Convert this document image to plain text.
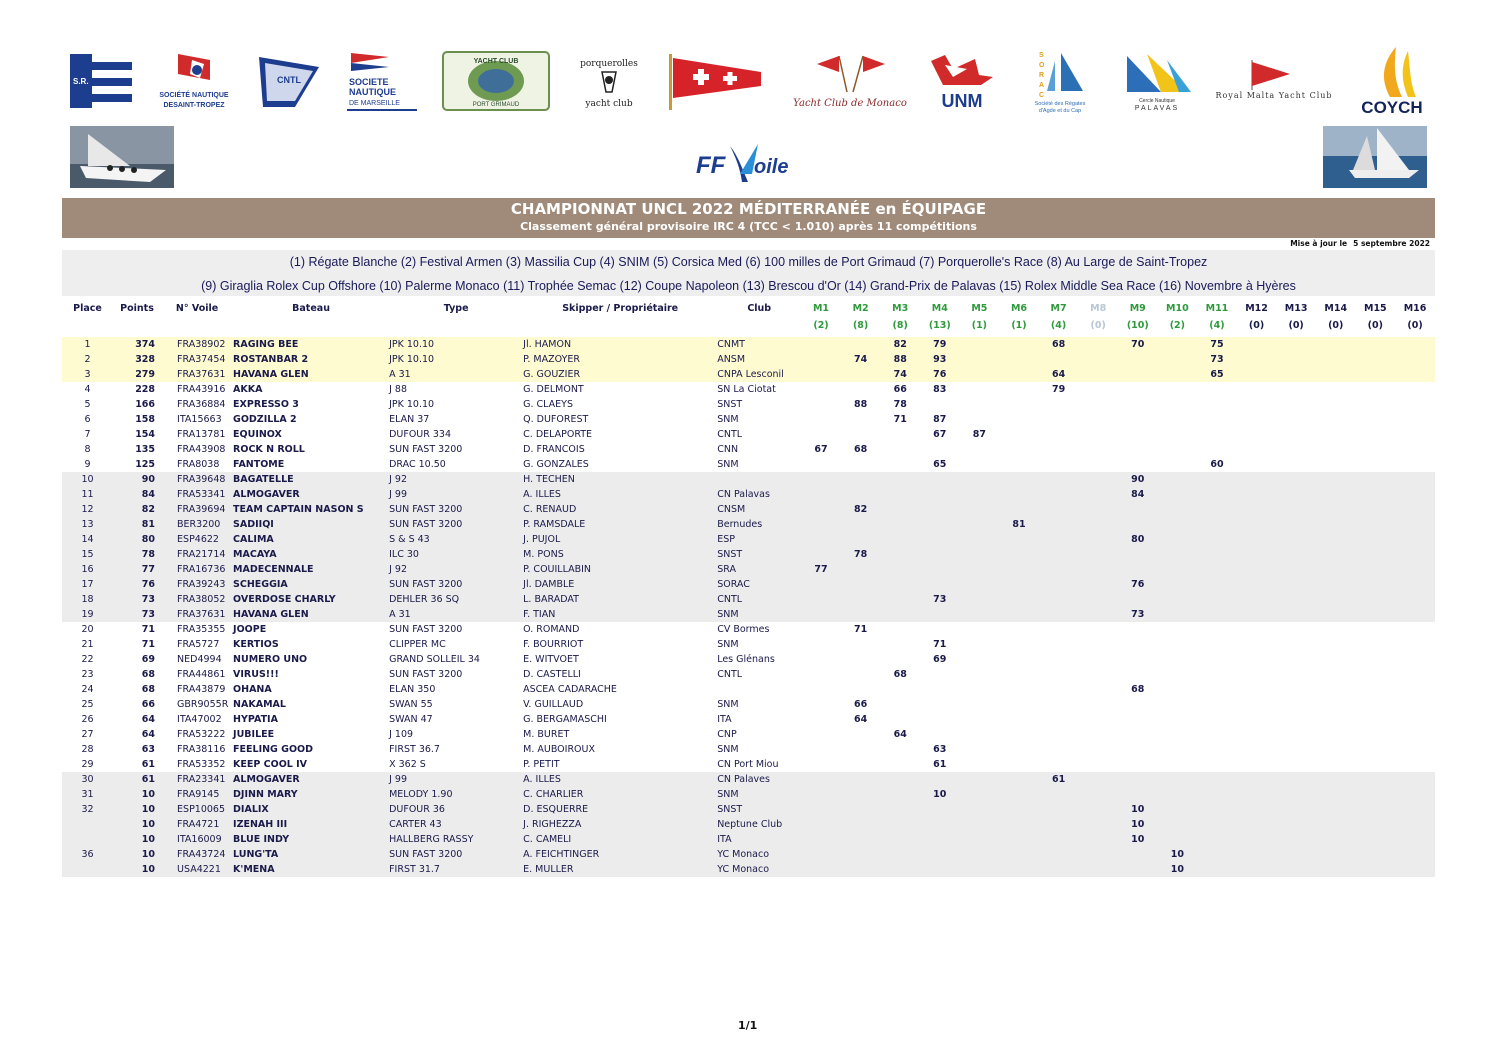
S.R. ANTIBES
SOCIÉTÉ NAUTIQUE
DESAINT-TROPEZ
CNTL	SOCIETE
NAUTIQUE
DE MARSEILLE
YACHT CLUB
PORT GRIMAUD
porquerolles
yacht club	Yacht Club de Monaco UNM
S
O
R
A
C
Société des Régates
d'Agde et du Cap
Cercle Nautique
PALAVAS
Royal Malta Yacht Club
COYCH
FF oile
CHAMPIONNAT UNCL 2022 MÉDITERRANÉE en ÉQUIPAGE
Classement général provisoire IRC 4 (TCC < 1.010) après 11 compétitions
Mise à jour le 5 septembre 2022
(1) Régate Blanche (2) Festival Armen (3) Massilia Cup (4) SNIM (5) Corsica Med (6) 100 milles de Port Grimaud (7) Porquerolle's Race (8) Au Large de Saint-Tropez
(9) Giraglia Rolex Cup Offshore (10) Palerme Monaco (11) Trophée Semac (12) Coupe Napoleon (13) Brescou d'Or (14) Grand-Prix de Palavas (15) Rolex Middle Sea Race (16) Novembre à Hyères
Place	Points	N° Voile	Bateau	Type	Skipper / Propriétaire	Club	M1	M2	M3	M4	M5	M6	M7	M8	M9	M10	M11	M12	M13	M14	M15	M16
							(2)	(8)	(8)	(13)	(1)	(1)	(4)	(0)	(10)	(2)	(4)	(0)	(0)	(0)	(0)	(0)
1	374	FRA38902	RAGING BEE	JPK 10.10	Jl. HAMON	CNMT			82	79			68		70		75					
2	328	FRA37454	ROSTANBAR 2	JPK 10.10	P. MAZOYER	ANSM		74	88	93							73					
3	279	FRA37631	HAVANA GLEN	A 31	G. GOUZIER	CNPA Lesconil			74	76			64				65					
4	228	FRA43916	AKKA	J 88	G. DELMONT	SN La Ciotat			66	83			79									
5	166	FRA36884	EXPRESSO 3	JPK 10.10	G. CLAEYS	SNST		88	78													
6	158	ITA15663	GODZILLA 2	ELAN 37	Q. DUFOREST	SNM			71	87												
7	154	FRA13781	EQUINOX	DUFOUR 334	C. DELAPORTE	CNTL				67	87											
8	135	FRA43908	ROCK N ROLL	SUN FAST 3200	D. FRANCOIS	CNN	67	68														
9	125	FRA8038	FANTOME	DRAC 10.50	G. GONZALES	SNM				65							60					
10	90	FRA39648	BAGATELLE	J 92	H. TECHEN										90							
11	84	FRA53341	ALMOGAVER	J 99	A. ILLES	CN Palavas									84							
12	82	FRA39694	TEAM CAPTAIN NASON S	SUN FAST 3200	C. RENAUD	CNSM		82														
13	81	BER3200	SADIIQI	SUN FAST 3200	P. RAMSDALE	Bernudes						81										
14	80	ESP4622	CALIMA	S & S 43	J. PUJOL	ESP									80							
15	78	FRA21714	MACAYA	ILC 30	M. PONS	SNST		78														
16	77	FRA16736	MADECENNALE	J 92	P. COUILLABIN	SRA	77															
17	76	FRA39243	SCHEGGIA	SUN FAST 3200	Jl. DAMBLE	SORAC									76							
18	73	FRA38052	OVERDOSE CHARLY	DEHLER 36 SQ	L. BARADAT	CNTL				73												
19	73	FRA37631	HAVANA GLEN	A 31	F. TIAN	SNM									73							
20	71	FRA35355	JOOPE	SUN FAST 3200	O. ROMAND	CV Bormes		71														
21	71	FRA5727	KERTIOS	CLIPPER MC	F. BOURRIOT	SNM				71												
22	69	NED4994	NUMERO UNO	GRAND SOLLEIL 34	E. WITVOET	Les Glénans				69												
23	68	FRA44861	VIRUS!!!	SUN FAST 3200	D. CASTELLI	CNTL			68													
24	68	FRA43879	OHANA	ELAN 350	ASCEA CADARACHE										68							
25	66	GBR9055R	NAKAMAL	SWAN 55	V. GUILLAUD	SNM		66														
26	64	ITA47002	HYPATIA	SWAN 47	G. BERGAMASCHI	ITA		64														
27	64	FRA53222	JUBILEE	J 109	M. BURET	CNP			64													
28	63	FRA38116	FEELING GOOD	FIRST 36.7	M. AUBOIROUX	SNM				63												
29	61	FRA53352	KEEP COOL IV	X 362 S	P. PETIT	CN Port Miou				61												
30	61	FRA23341	ALMOGAVER	J 99	A. ILLES	CN Palaves							61									
31	10	FRA9145	DJINN MARY	MELODY 1.90	C. CHARLIER	SNM				10												
32	10	ESP10065	DIALIX	DUFOUR 36	D. ESQUERRE	SNST									10							
	10	FRA4721	IZENAH III	CARTER 43	J. RIGHEZZA	Neptune Club									10							
	10	ITA16009	BLUE INDY	HALLBERG RASSY	C. CAMELI	ITA									10							
36	10	FRA43724	LUNG'TA	SUN FAST 3200	A. FEICHTINGER	YC Monaco										10						
	10	USA4221	K'MENA	FIRST 31.7	E. MULLER	YC Monaco										10						
1/1
